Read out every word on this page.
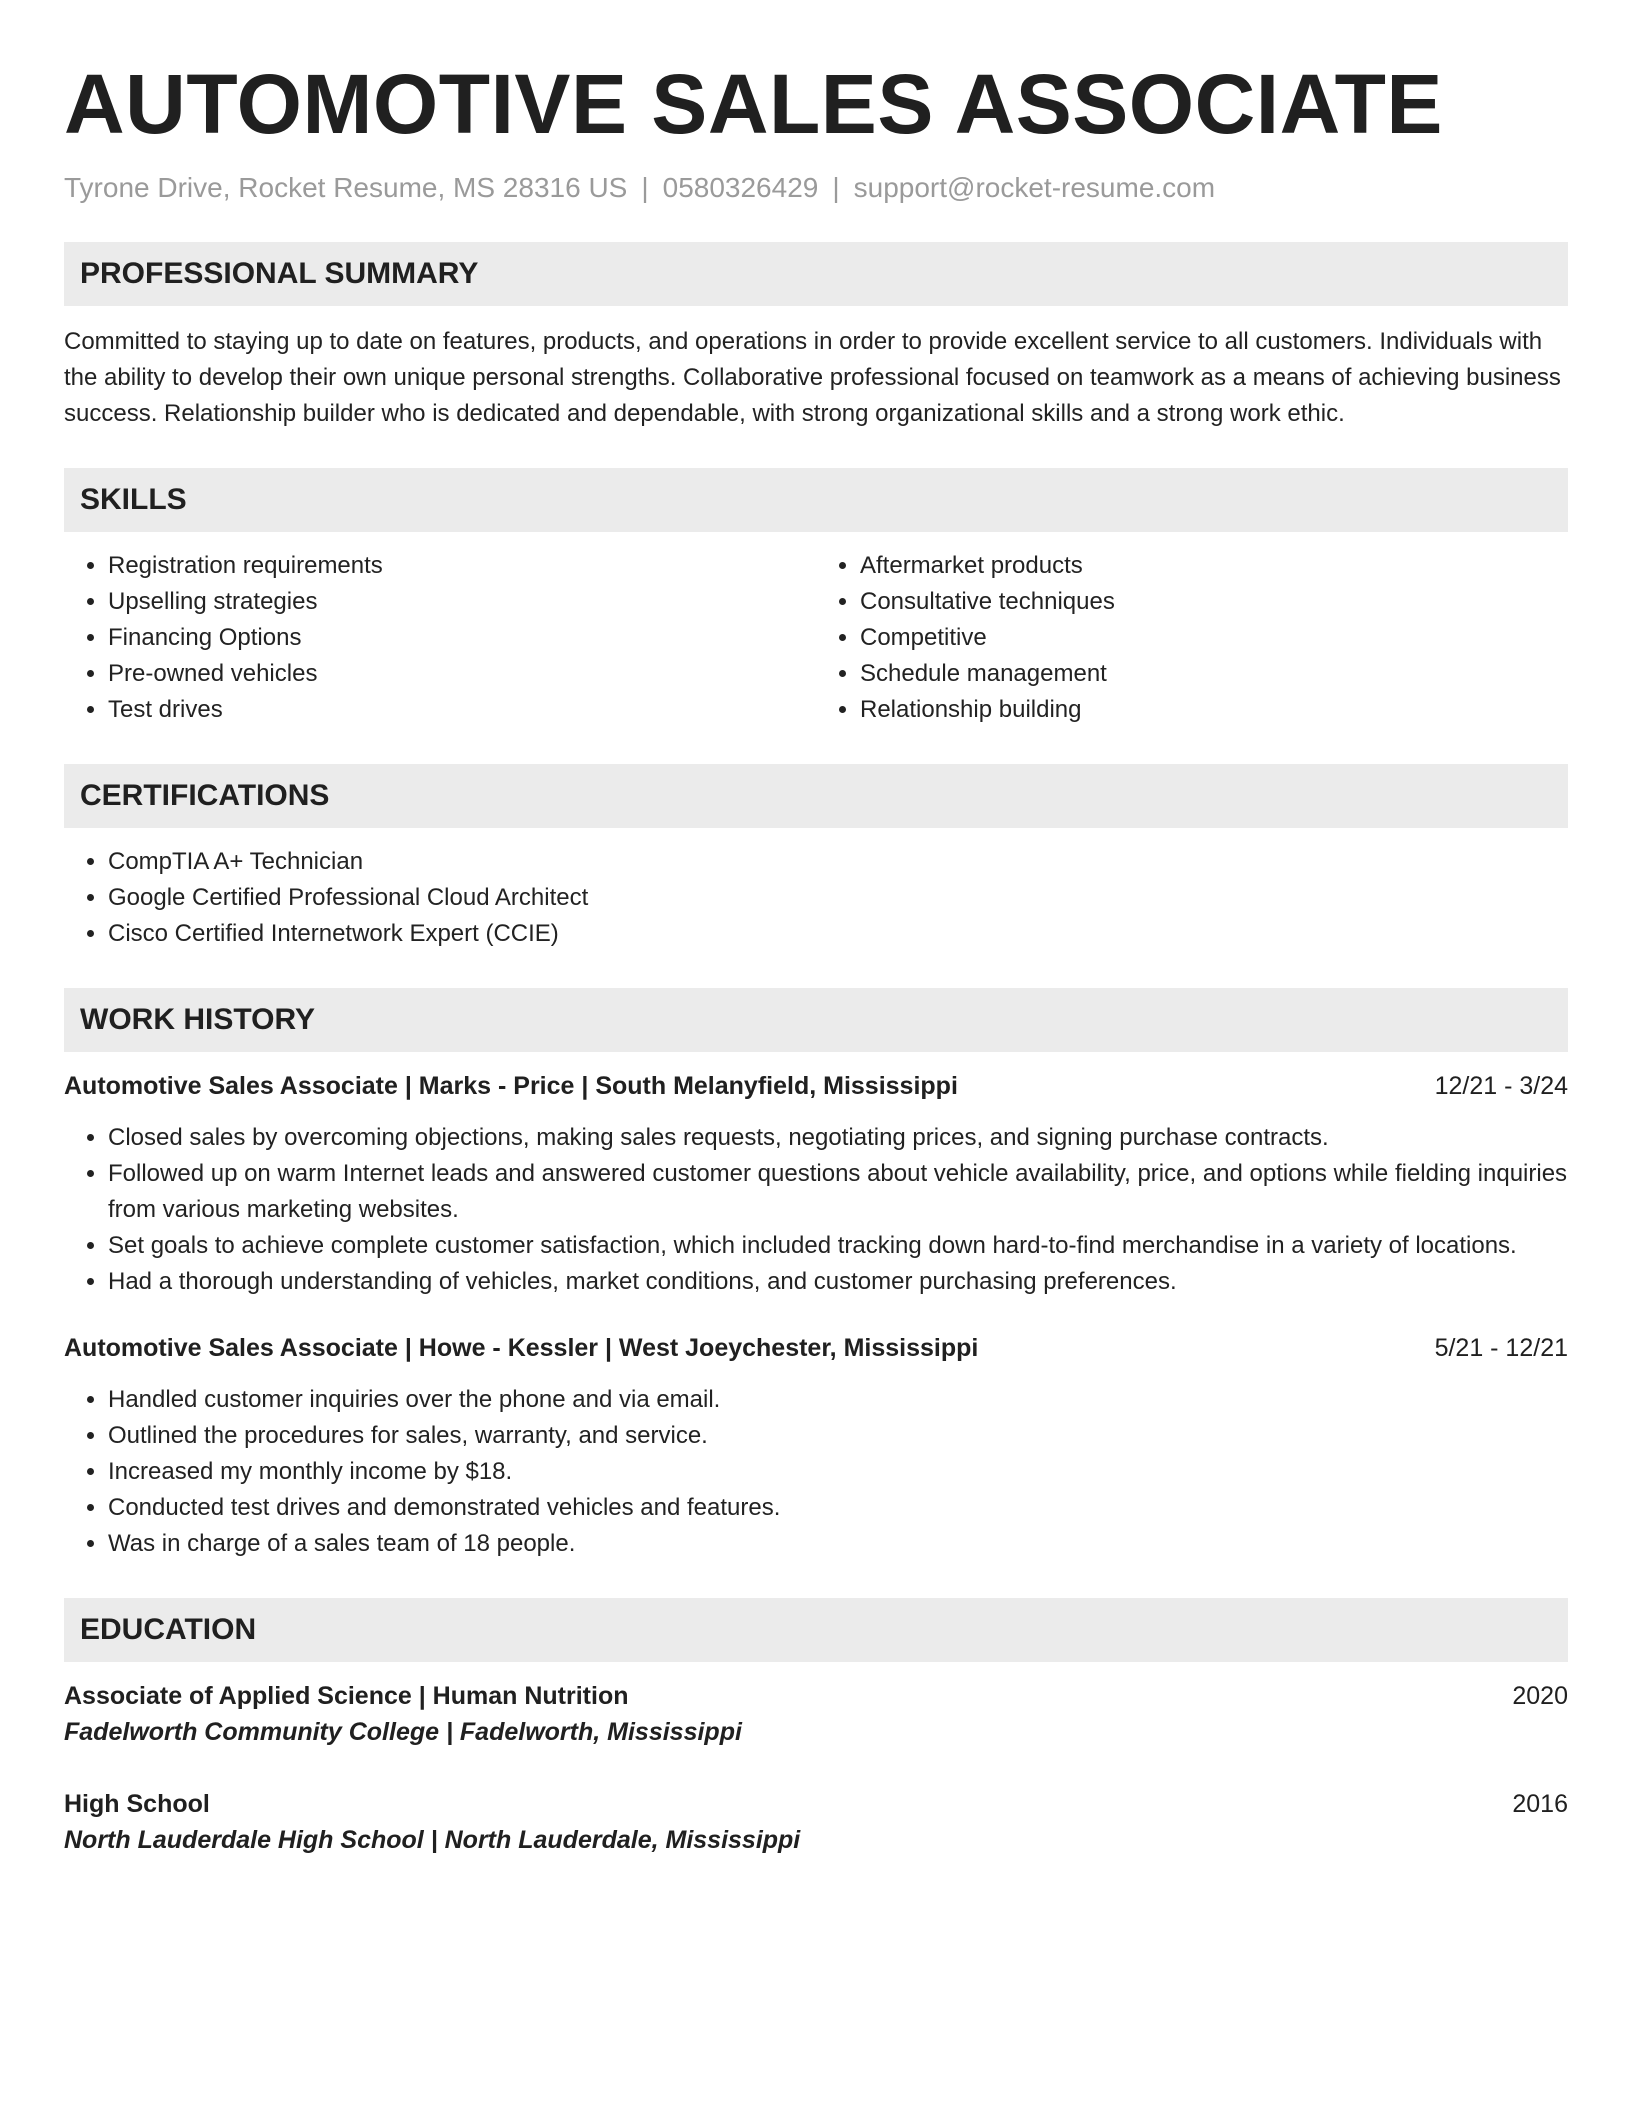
AUTOMOTIVE SALES ASSOCIATE
Tyrone Drive, Rocket Resume, MS 28316 US | 0580326429 | support@rocket-resume.com
PROFESSIONAL SUMMARY

Committed to staying up to date on features, products, and operations in order to provide excellent service to all customers. Individuals with the ability to develop their own unique personal strengths. Collaborative professional focused on teamwork as a means of achieving business success. Relationship builder who is dedicated and dependable, with strong organizational skills and a strong work ethic.

SKILLS
• Registration requirements
• Upselling strategies
• Financing Options
• Pre-owned vehicles
• Test drives
• Aftermarket products
• Consultative techniques
• Competitive
• Schedule management
• Relationship building
CERTIFICATIONS
• CompTIA A+ Technician
• Google Certified Professional Cloud Architect
• Cisco Certified Internetwork Expert (CCIE)
WORK HISTORY
Automotive Sales Associate | Marks - Price | South Melanyfield, Mississippi	12/21 - 3/24
• Closed sales by overcoming objections, making sales requests, negotiating prices, and signing purchase contracts.
• Followed up on warm Internet leads and answered customer questions about vehicle availability, price, and options while fielding inquiries from various marketing websites.
• Set goals to achieve complete customer satisfaction, which included tracking down hard-to-find merchandise in a variety of locations.
• Had a thorough understanding of vehicles, market conditions, and customer purchasing preferences.
Automotive Sales Associate | Howe - Kessler | West Joeychester, Mississippi	5/21 - 12/21
• Handled customer inquiries over the phone and via email.
• Outlined the procedures for sales, warranty, and service.
• Increased my monthly income by $18.
• Conducted test drives and demonstrated vehicles and features.
• Was in charge of a sales team of 18 people.
EDUCATION
Associate of Applied Science | Human Nutrition	2020
Fadelworth Community College | Fadelworth, Mississippi
High School	2016
North Lauderdale High School | North Lauderdale, Mississippi
